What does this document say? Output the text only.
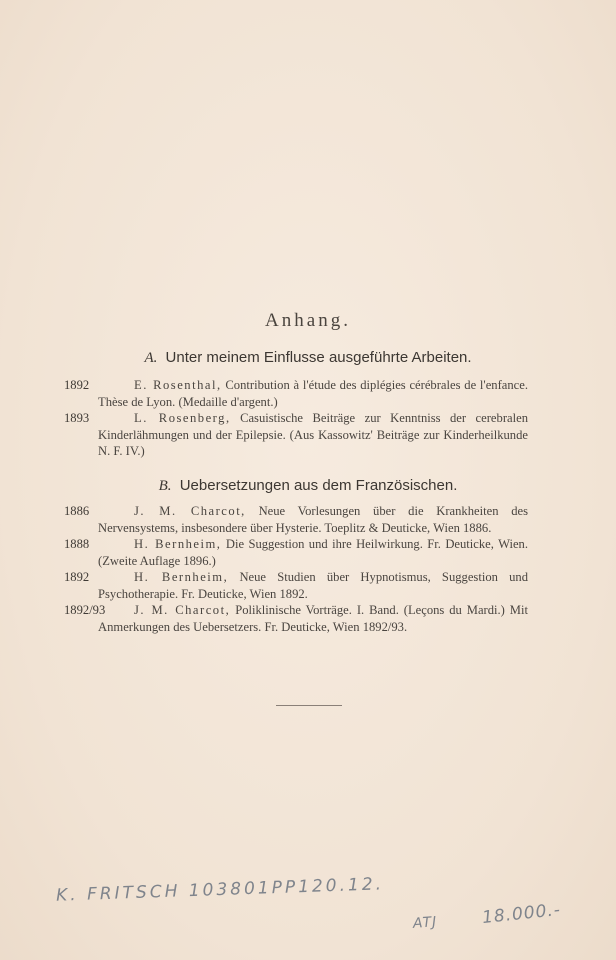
Anhang.
A. Unter meinem Einflusse ausgeführte Arbeiten.
1892	E. Rosenthal, Contribution à l'étude des diplégies cérébrales de l'enfance. Thèse de Lyon. (Medaille d'argent.)
1893	L. Rosenberg, Casuistische Beiträge zur Kenntniss der cerebralen Kinderlähmungen und der Epilepsie. (Aus Kassowitz' Beiträge zur Kinderheilkunde N. F. IV.)
B. Uebersetzungen aus dem Französischen.
1886	J. M. Charcot, Neue Vorlesungen über die Krankheiten des Nervensystems, insbesondere über Hysterie. Toeplitz & Deuticke, Wien 1886.
1888	H. Bernheim, Die Suggestion und ihre Heilwirkung. Fr. Deuticke, Wien. (Zweite Auflage 1896.)
1892	H. Bernheim, Neue Studien über Hypnotismus, Suggestion und Psychotherapie. Fr. Deuticke, Wien 1892.
1892/93	J. M. Charcot, Poliklinische Vorträge. I. Band. (Leçons du Mardi.) Mit Anmerkungen des Uebersetzers. Fr. Deuticke, Wien 1892/93.
K. FRITSCH 103801PP120.12.
ATJ	18.000.-
